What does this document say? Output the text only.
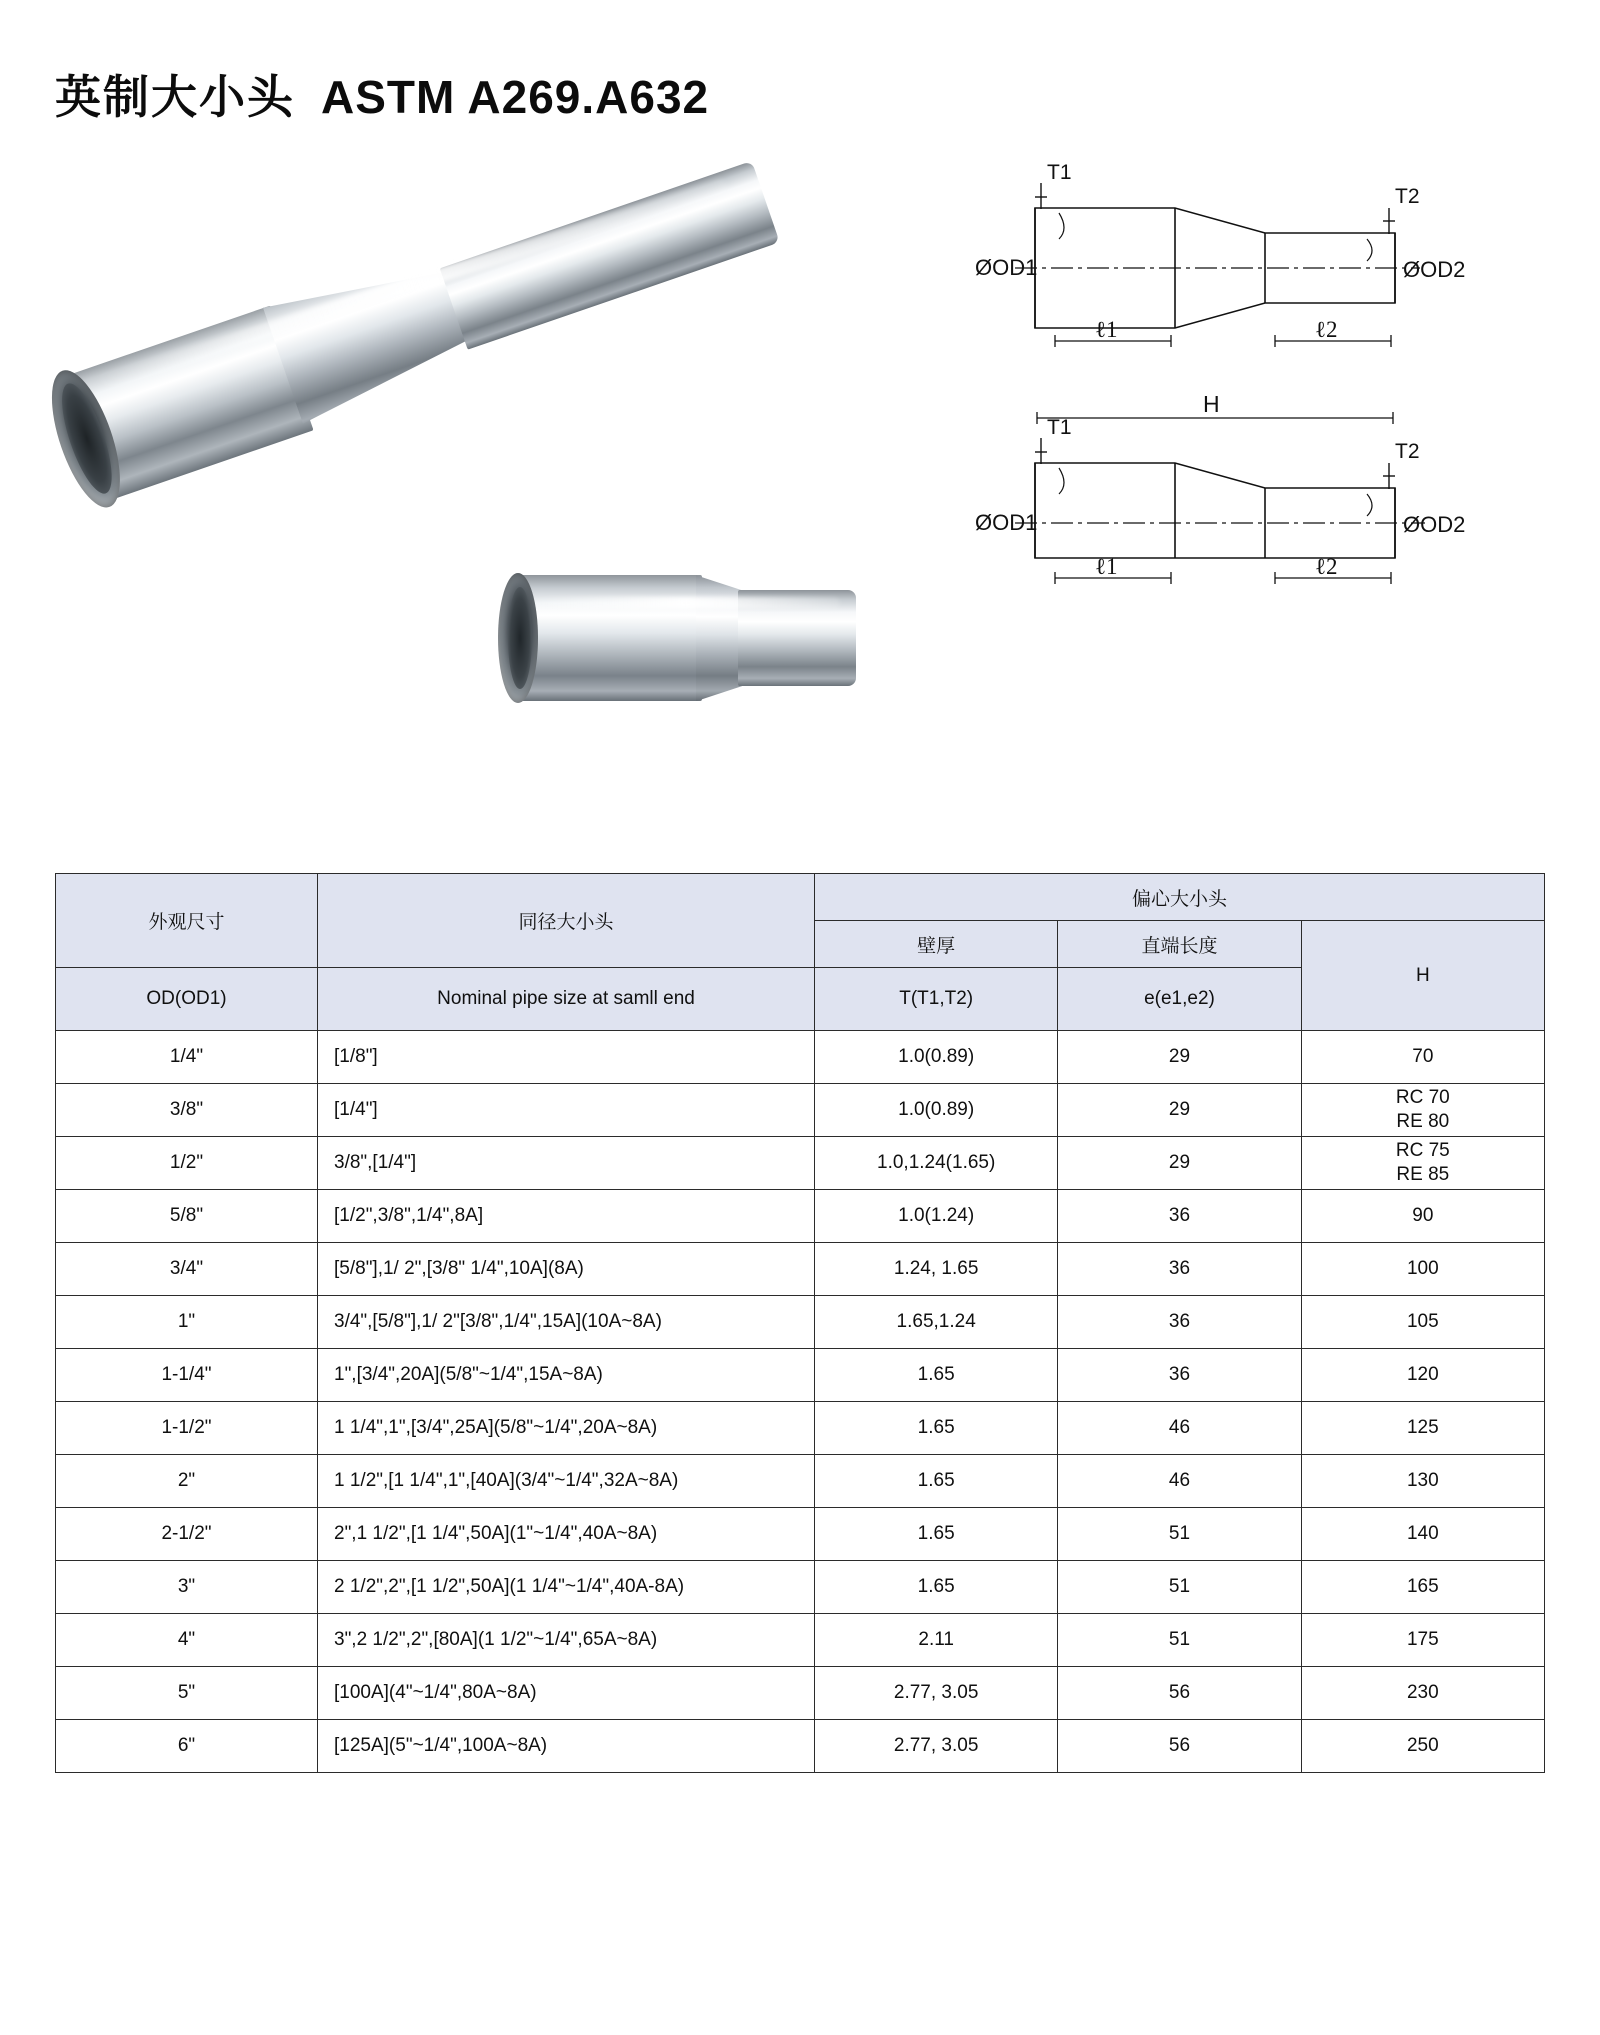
英制大小头 ASTM A269.A632
T1
T2
ØOD1	ØOD2
ℓ1	ℓ2
H
T1
T2
ØOD1	ØOD2
ℓ1	ℓ2
外观尺寸	同径大小头	偏心大小头		
		壁厚	直端长度	H
OD(OD1)	Nominal pipe size at samll end	T(T1,T2)	e(e1,e2)	
1/4"	[1/8"]	1.0(0.89)	29	70
3/8"	[1/4"]	1.0(0.89)	29	RC 70
RE 80
1/2"	3/8",[1/4"]	1.0,1.24(1.65)	29	RC 75
RE 85
5/8"	[1/2",3/8",1/4",8A]	1.0(1.24)	36	90
3/4"	[5/8"],1/ 2",[3/8" 1/4",10A](8A)	1.24, 1.65	36	100
1"	3/4",[5/8"],1/ 2"[3/8",1/4",15A](10A~8A)	1.65,1.24	36	105
1-1/4"	1",[3/4",20A](5/8"~1/4",15A~8A)	1.65	36	120
1-1/2"	1 1/4",1",[3/4",25A](5/8"~1/4",20A~8A)	1.65	46	125
2"	1 1/2",[1 1/4",1",[40A](3/4"~1/4",32A~8A)	1.65	46	130
2-1/2"	2",1 1/2",[1 1/4",50A](1"~1/4",40A~8A)	1.65	51	140
3"	2 1/2",2",[1 1/2",50A](1 1/4"~1/4",40A-8A)	1.65	51	165
4"	3",2 1/2",2",[80A](1 1/2"~1/4",65A~8A)	2.11	51	175
5"	[100A](4"~1/4",80A~8A)	2.77, 3.05	56	230
6"	[125A](5"~1/4",100A~8A)	2.77, 3.05	56	250
